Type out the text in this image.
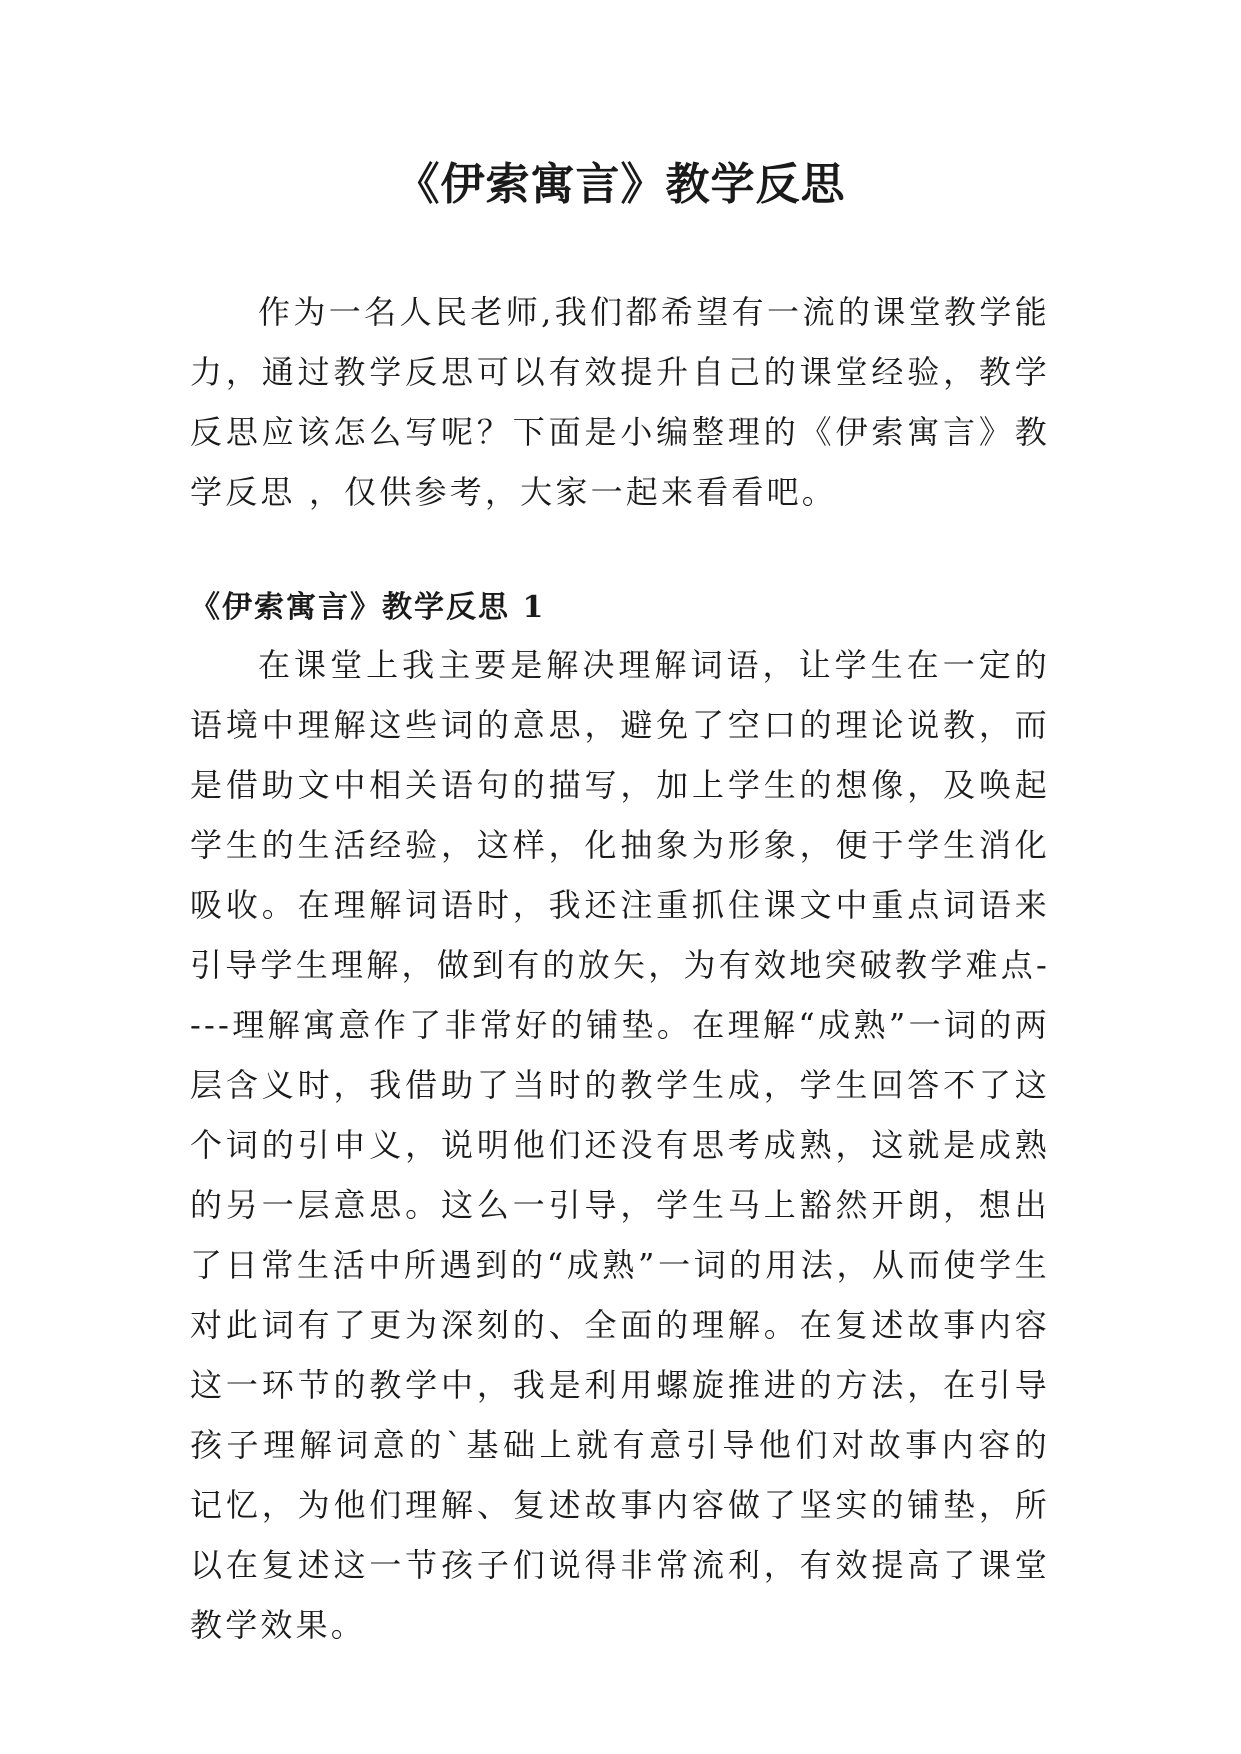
《伊索寓言》教学反思

作为一名人民老师,我们都希望有一流的课堂教学能力，通过教学反思可以有效提升自己的课堂经验，教学反思应该怎么写呢？下面是小编整理的《伊索寓言》教学反思 ，仅供参考，大家一起来看看吧。

《伊索寓言》教学反思 1

在课堂上我主要是解决理解词语，让学生在一定的语境中理解这些词的意思，避免了空口的理论说教，而是借助文中相关语句的描写，加上学生的想像，及唤起学生的生活经验，这样，化抽象为形象，便于学生消化吸收。在理解词语时，我还注重抓住课文中重点词语来引导学生理解，做到有的放矢，为有效地突破教学难点----理解寓意作了非常好的铺垫。在理解“成熟”一词的两层含义时，我借助了当时的教学生成，学生回答不了这个词的引申义，说明他们还没有思考成熟，这就是成熟的另一层意思。这么一引导，学生马上豁然开朗，想出了日常生活中所遇到的“成熟”一词的用法，从而使学生对此词有了更为深刻的、全面的理解。在复述故事内容这一环节的教学中，我是利用螺旋推进的方法，在引导孩子理解词意的`基础上就有意引导他们对故事内容的记忆，为他们理解、复述故事内容做了坚实的铺垫，所以在复述这一节孩子们说得非常流利，有效提高了课堂教学效果。
